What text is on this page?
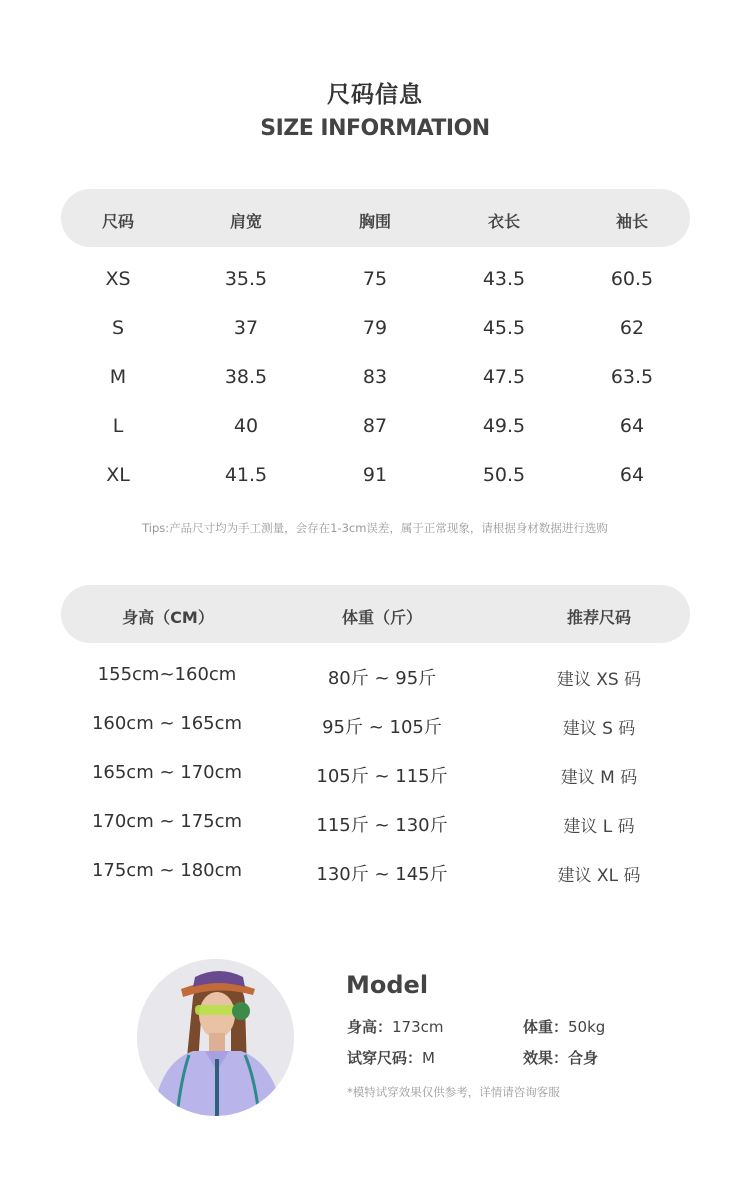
尺码信息
SIZE INFORMATION
尺码	肩宽	胸围	衣长	袖长
XS	35.5	75	43.5	60.5
S	37	79	45.5	62
M	38.5	83	47.5	63.5
L	40	87	49.5	64
XL	41.5	91	50.5	64
Tips:产品尺寸均为手工测量，会存在1-3cm误差，属于正常现象，请根据身材数据进行选购
身高（CM）	体重（斤）	推荐尺码
155cm~160cm	80斤 ~ 95斤	建议 XS 码
160cm ~ 165cm	95斤 ~ 105斤	建议 S 码
165cm ~ 170cm	105斤 ~ 115斤	建议 M 码
170cm ~ 175cm	115斤 ~ 130斤	建议 L 码
175cm ~ 180cm	130斤 ~ 145斤	建议 XL 码
Model
身高：173cm	体重：50kg
试穿尺码：M	效果：合身
*模特试穿效果仅供参考，详情请咨询客服
